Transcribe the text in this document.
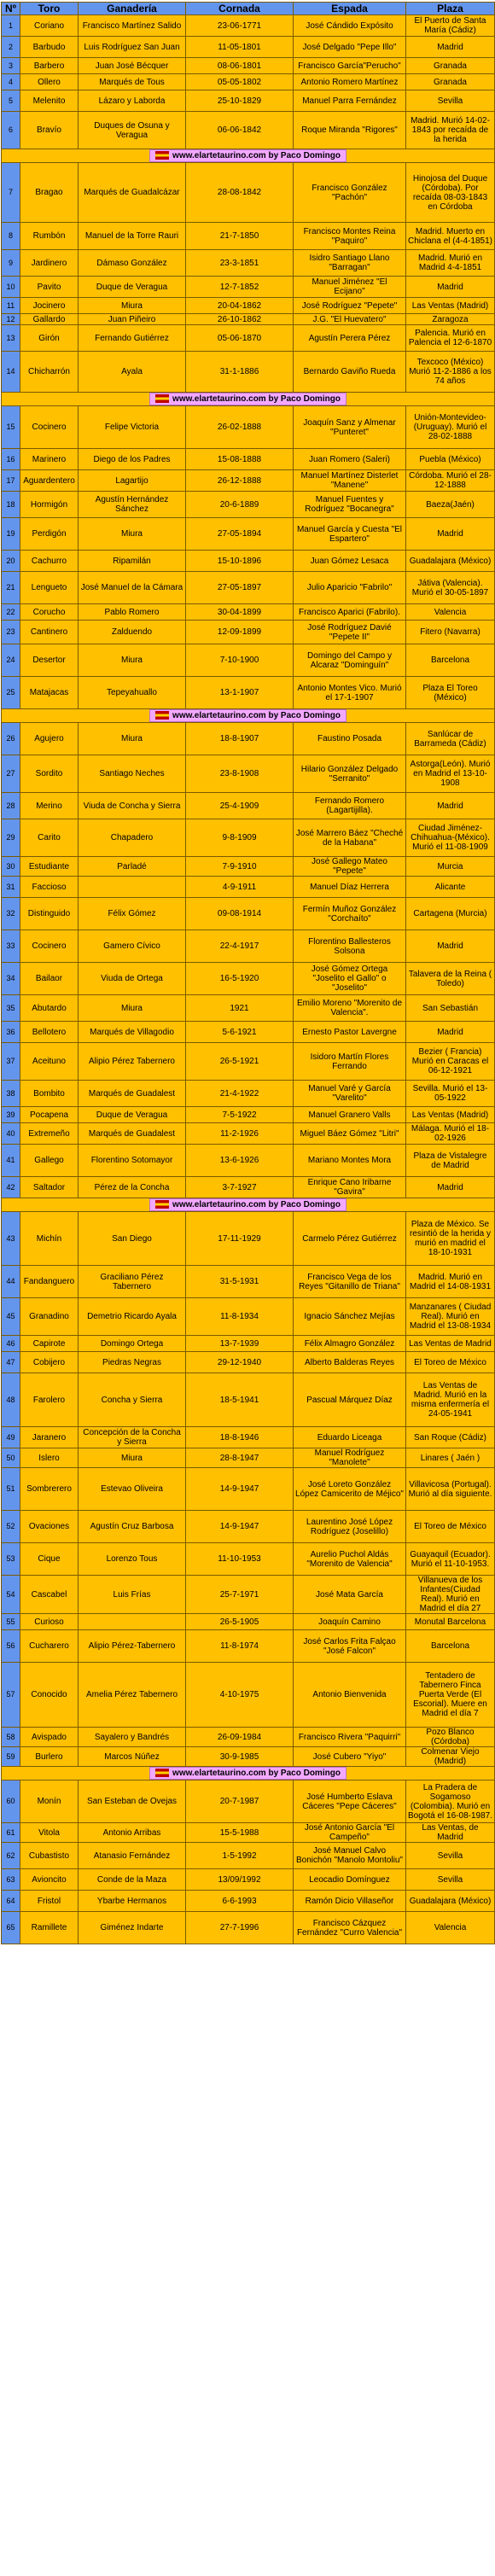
Nº	Toro	Ganadería	Cornada	Espada	Plaza
1	Coriano	Francisco Martínez Salido	23-06-1771	José Cándido Expósito	El Puerto de Santa María (Cádiz)
2	Barbudo	Luis Rodríguez San Juan	11-05-1801	José Delgado "Pepe Illo"	Madrid
3	Barbero	Juan José Bécquer	08-06-1801	Francisco García"Perucho"	Granada
4	Ollero	Marqués de Tous	05-05-1802	Antonio Romero Martínez	Granada
5	Melenito	Lázaro y Laborda	25-10-1829	Manuel Parra Fernández	Sevilla
6	Bravío	Duques de Osuna y Veragua	06-06-1842	Roque Miranda "Rigores"	Madrid. Murió 14-02-1843 por recaída de la herida
www.elartetaurino.com by Paco Domingo					
7	Bragao	Marqués de Guadalcázar	28-08-1842	Francisco González "Pachón"	Hinojosa del Duque (Córdoba). Por recaída 08-03-1843 en Córdoba
8	Rumbón	Manuel de la Torre Rauri	21-7-1850	Francisco Montes Reina "Paquiro"	Madrid. Muerto en Chiclana el (4-4-1851)
9	Jardinero	Dámaso González	23-3-1851	Isidro Santiago Llano "Barragan"	Madrid. Murió en Madrid 4-4-1851
10	Pavito	Duque de Veragua	12-7-1852	Manuel Jiménez "El Ecijano"	Madrid
11	Jocinero	Miura	20-04-1862	José Rodríguez "Pepete"	Las Ventas (Madrid)
12	Gallardo	Juan Piñeiro	26-10-1862	J.G. "El Huevatero"	Zaragoza
13	Girón	Fernando Gutiérrez	05-06-1870	Agustín Perera Pérez	Palencia. Murió en Palencia el 12-6-1870
14	Chicharrón	Ayala	31-1-1886	Bernardo Gaviño Rueda	Texcoco (México) Murió 11-2-1886 a los 74 años
www.elartetaurino.com by Paco Domingo					
15	Cocinero	Felipe Victoria	26-02-1888	Joaquín Sanz y Almenar "Punteret"	Unión-Montevideo-(Uruguay). Murió el 28-02-1888
16	Marinero	Diego de los Padres	15-08-1888	Juan Romero (Saleri)	Puebla (México)
17	Aguardentero	Lagartijo	26-12-1888	Manuel Martínez Disterlet "Manene"	Córdoba. Murió el 28-12-1888
18	Hormigón	Agustín Hernández Sánchez	20-6-1889	Manuel Fuentes y Rodríguez "Bocanegra"	Baeza(Jaén)
19	Perdigón	Miura	27-05-1894	Manuel García y Cuesta "El Espartero"	Madrid
20	Cachurro	Ripamilán	15-10-1896	Juan Gómez Lesaca	Guadalajara (México)
21	Lengueto	José Manuel de la Cámara	27-05-1897	Julio Aparicio "Fabrilo"	Játiva (Valencia). Murió el 30-05-1897
22	Corucho	Pablo Romero	30-04-1899	Francisco Aparici (Fabrilo).	Valencia
23	Cantinero	Zalduendo	12-09-1899	José Rodríguez Davié "Pepete II"	Fitero (Navarra)
24	Desertor	Miura	7-10-1900	Domingo del Campo y Alcaraz "Dominguín"	Barcelona
25	Matajacas	Tepeyahuallo	13-1-1907	Antonio Montes Vico. Murió el 17-1-1907	Plaza El Toreo (México)
www.elartetaurino.com by Paco Domingo					
26	Agujero	Miura	18-8-1907	Faustino Posada	Sanlúcar de Barrameda (Cádiz)
27	Sordito	Santiago Neches	23-8-1908	Hilario González Delgado "Serranito"	Astorga(León). Murió en Madrid el 13-10-1908
28	Merino	Viuda de Concha y Sierra	25-4-1909	Fernando Romero (Lagartijilla).	Madrid
29	Carito	Chapadero	9-8-1909	José Marrero Báez "Cheché de la Habana"	Ciudad Jiménez-Chihuahua-(México). Murió el 11-08-1909
30	Estudiante	Parladé	7-9-1910	José Gallego Mateo "Pepete"	Murcia
31	Faccioso		4-9-1911	Manuel Díaz Herrera	Alicante
32	Distinguido	Félix Gómez	09-08-1914	Fermín Muñoz González "Corchaíto"	Cartagena (Murcia)
33	Cocinero	Gamero Cívico	22-4-1917	Florentino Ballesteros Solsona	Madrid
34	Bailaor	Viuda de Ortega	16-5-1920	José Gómez Ortega "Joselito el Gallo" o "Joselito"	Talavera de la Reina ( Toledo)
35	Abutardo	Miura	1921	Emilio Moreno "Morenito de Valencia".	San Sebastián
36	Bellotero	Marqués de Villagodio	5-6-1921	Ernesto Pastor Lavergne	Madrid
37	Aceituno	Alipio Pérez Tabernero	26-5-1921	Isidoro Martín Flores Ferrando	Bezier ( Francia) Murió en Caracas el 06-12-1921
38	Bombito	Marqués de Guadalest	21-4-1922	Manuel Varé y García "Varelito"	Sevilla. Murió el 13-05-1922
39	Pocapena	Duque de Veragua	7-5-1922	Manuel Granero Valls	Las Ventas (Madrid)
40	Extremeño	Marqués de Guadalest	11-2-1926	Miguel Báez Gómez "Litri"	Málaga. Murió el 18-02-1926
41	Gallego	Florentino Sotomayor	13-6-1926	Mariano Montes Mora	Plaza de Vistalegre de Madrid
42	Saltador	Pérez de la Concha	3-7-1927	Enrique Cano Iribarne "Gavira"	Madrid
www.elartetaurino.com by Paco Domingo					
43	Michín	San Diego	17-11-1929	Carmelo Pérez Gutiérrez	Plaza de México. Se resintió de la herida y murió en madrid el 18-10-1931
44	Fandanguero	Graciliano Pérez Tabernero	31-5-1931	Francisco Vega de los Reyes "Gitanillo de Triana"	Madrid. Murió en Madrid el 14-08-1931
45	Granadino	Demetrio Ricardo Ayala	11-8-1934	Ignacio Sánchez Mejías	Manzanares ( Ciudad Real). Murió en Madrid el 13-08-1934
46	Capirote	Domingo Ortega	13-7-1939	Félix Almagro González	Las Ventas de Madrid
47	Cobijero	Piedras Negras	29-12-1940	Alberto Balderas Reyes	El Toreo de México
48	Farolero	Concha y Sierra	18-5-1941	Pascual Márquez Díaz	Las Ventas de Madrid. Murió en la misma enfermería el 24-05-1941
49	Jaranero	Concepción de la Concha y Sierra	18-8-1946	Eduardo Liceaga	San Roque (Cádiz)
50	Islero	Miura	28-8-1947	Manuel Rodríguez "Manolete"	Linares ( Jaén )
51	Sombrerero	Estevao Oliveira	14-9-1947	José Loreto González López Camicerito de Méjico"	Villavicosa (Portugal). Murió al día siguiente.
52	Ovaciones	Agustín Cruz Barbosa	14-9-1947	Laurentino José López Rodríguez (Joselillo)	El Toreo de México
53	Cique	Lorenzo Tous	11-10-1953	Aurelio Puchol Aldás "Morenito de Valencia"	Guayaquil (Ecuador). Murió el 11-10-1953.
54	Cascabel	Luis Frías	25-7-1971	José Mata García	Villanueva de los Infantes(Ciudad Real). Murió en Madrid el día 27
55	Curioso		26-5-1905	Joaquín Camino	Monutal Barcelona
56	Cucharero	Alipio Pérez-Tabernero	11-8-1974	José Carlos Frita Falçao "José Falcon"	Barcelona
57	Conocido	Amelia Pérez Tabernero	4-10-1975	Antonio Bienvenida	Tentadero de Tabernero Finca Puerta Verde (El Escorial). Muere en Madrid el día 7
58	Avispado	Sayalero y Bandrés	26-09-1984	Francisco Rivera "Paquirri"	Pozo Blanco (Córdoba)
59	Burlero	Marcos Núñez	30-9-1985	José Cubero "Yiyo"	Colmenar Viejo (Madrid)
www.elartetaurino.com by Paco Domingo					
60	Monín	San Esteban de Ovejas	20-7-1987	José Humberto Eslava Cáceres "Pepe Cáceres"	La Pradera de Sogamoso (Colombia). Murió en Bogotá el 16-08-1987.
61	Vitola	Antonio Arribas	15-5-1988	José Antonio García "El Campeño"	Las Ventas, de Madrid
62	Cubastisto	Atanasio Fernández	1-5-1992	José Manuel Calvo Bonichón "Manolo Montoliu"	Sevilla
63	Avioncito	Conde de la Maza	13/09/1992	Leocadio Domínguez	Sevilla
64	Fristol	Ybarbe Hermanos	6-6-1993	Ramón Dicio Villaseñor	Guadalajara (México)
65	Ramillete	Giménez Indarte	27-7-1996	Francisco Cázquez Fernández "Curro Valencia"	Valencia
